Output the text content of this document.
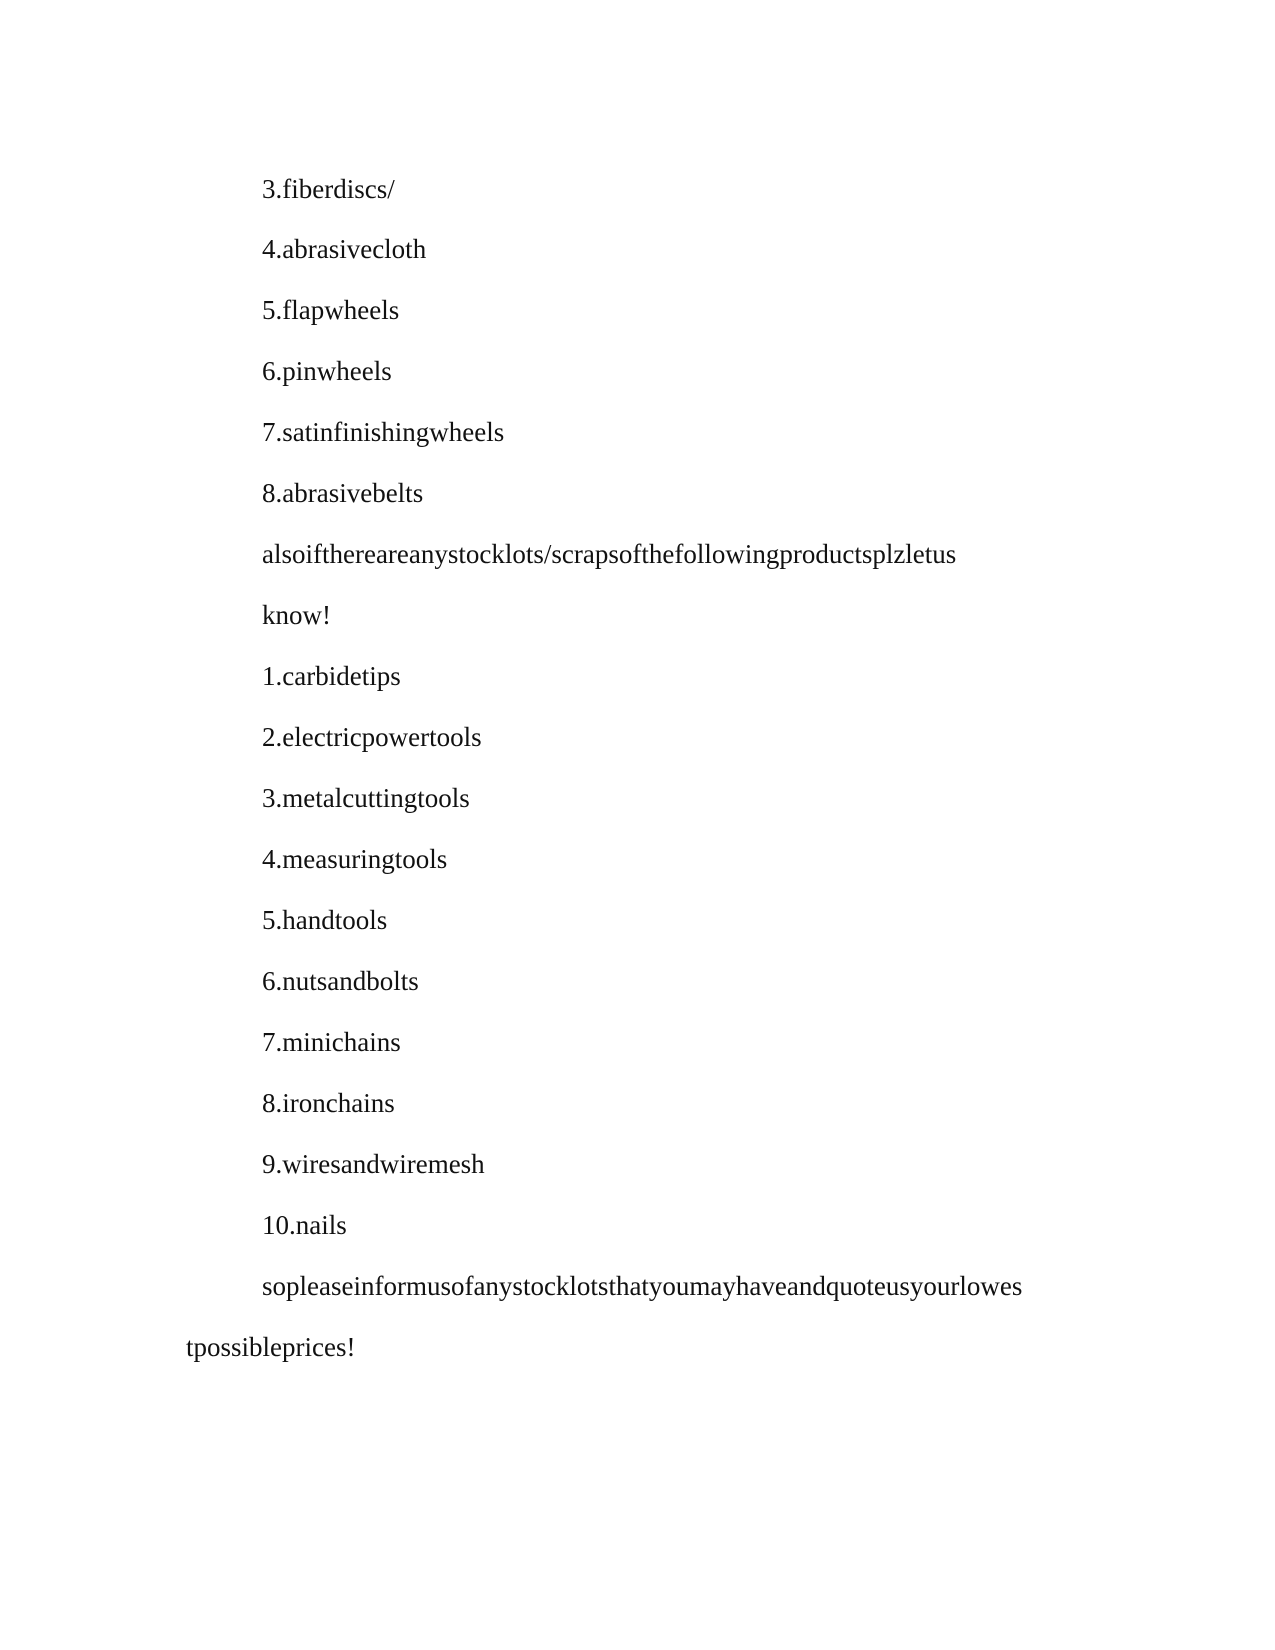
3.fiberdiscs/

4.abrasivecloth

5.flapwheels

6.pinwheels

7.satinfinishingwheels

8.abrasivebelts

alsoifthereareanystocklots/scrapsofthefollowingproductsplzletus

know!

1.carbidetips

2.electricpowertools

3.metalcuttingtools

4.measuringtools

5.handtools

6.nutsandbolts

7.minichains

8.ironchains

9.wiresandwiremesh

10.nails

sopleaseinformusofanystocklotsthatyoumayhaveandquoteusyourlowes

tpossibleprices!
